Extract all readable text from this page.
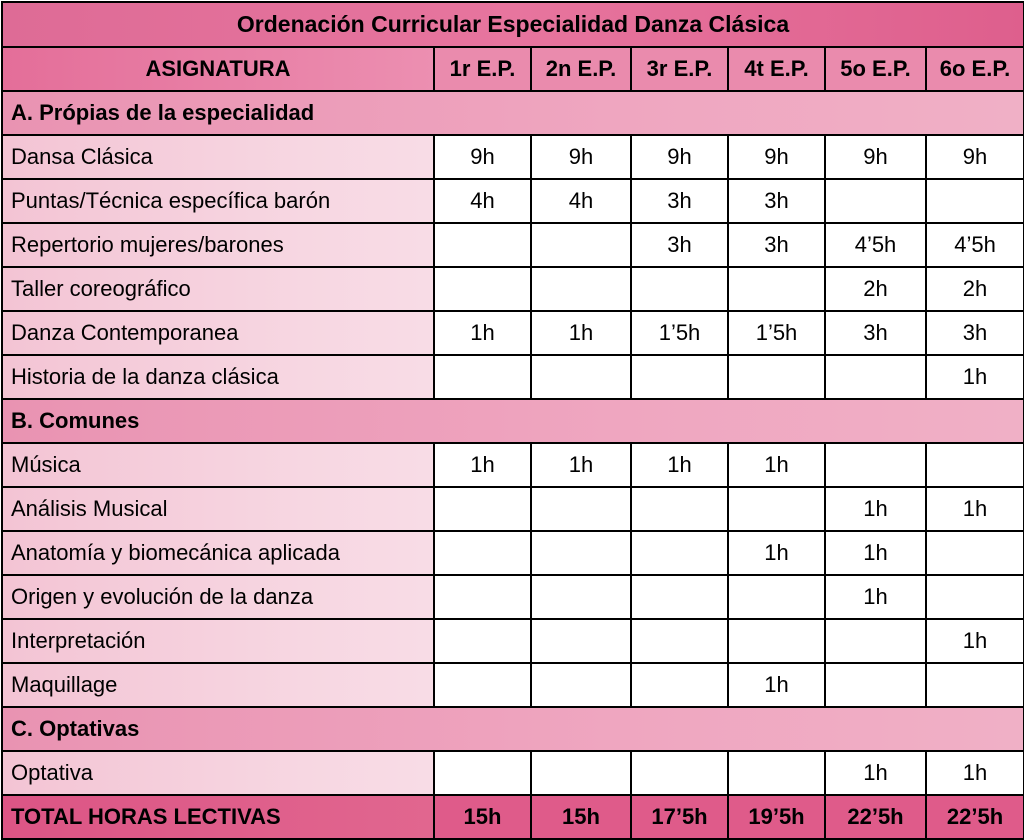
Ordenación Curricular Especialidad Danza Clásica						
ASIGNATURA	1r E.P.	2n E.P.	3r E.P.	4t E.P.	5o E.P.	6o E.P.
A. Própias de la especialidad						
Dansa Clásica	9h	9h	9h	9h	9h	9h
Puntas/Técnica específica barón	4h	4h	3h	3h		
Repertorio mujeres/barones			3h	3h	4’5h	4’5h
Taller coreográfico					2h	2h
Danza Contemporanea	1h	1h	1’5h	1’5h	3h	3h
Historia de la danza clásica						1h
B. Comunes						
Música	1h	1h	1h	1h		
Análisis Musical					1h	1h
Anatomía y biomecánica aplicada				1h	1h	
Origen y evolución de la danza					1h	
Interpretación						1h
Maquillage				1h		
C. Optativas						
Optativa					1h	1h
TOTAL HORAS LECTIVAS	15h	15h	17’5h	19’5h	22’5h	22’5h
